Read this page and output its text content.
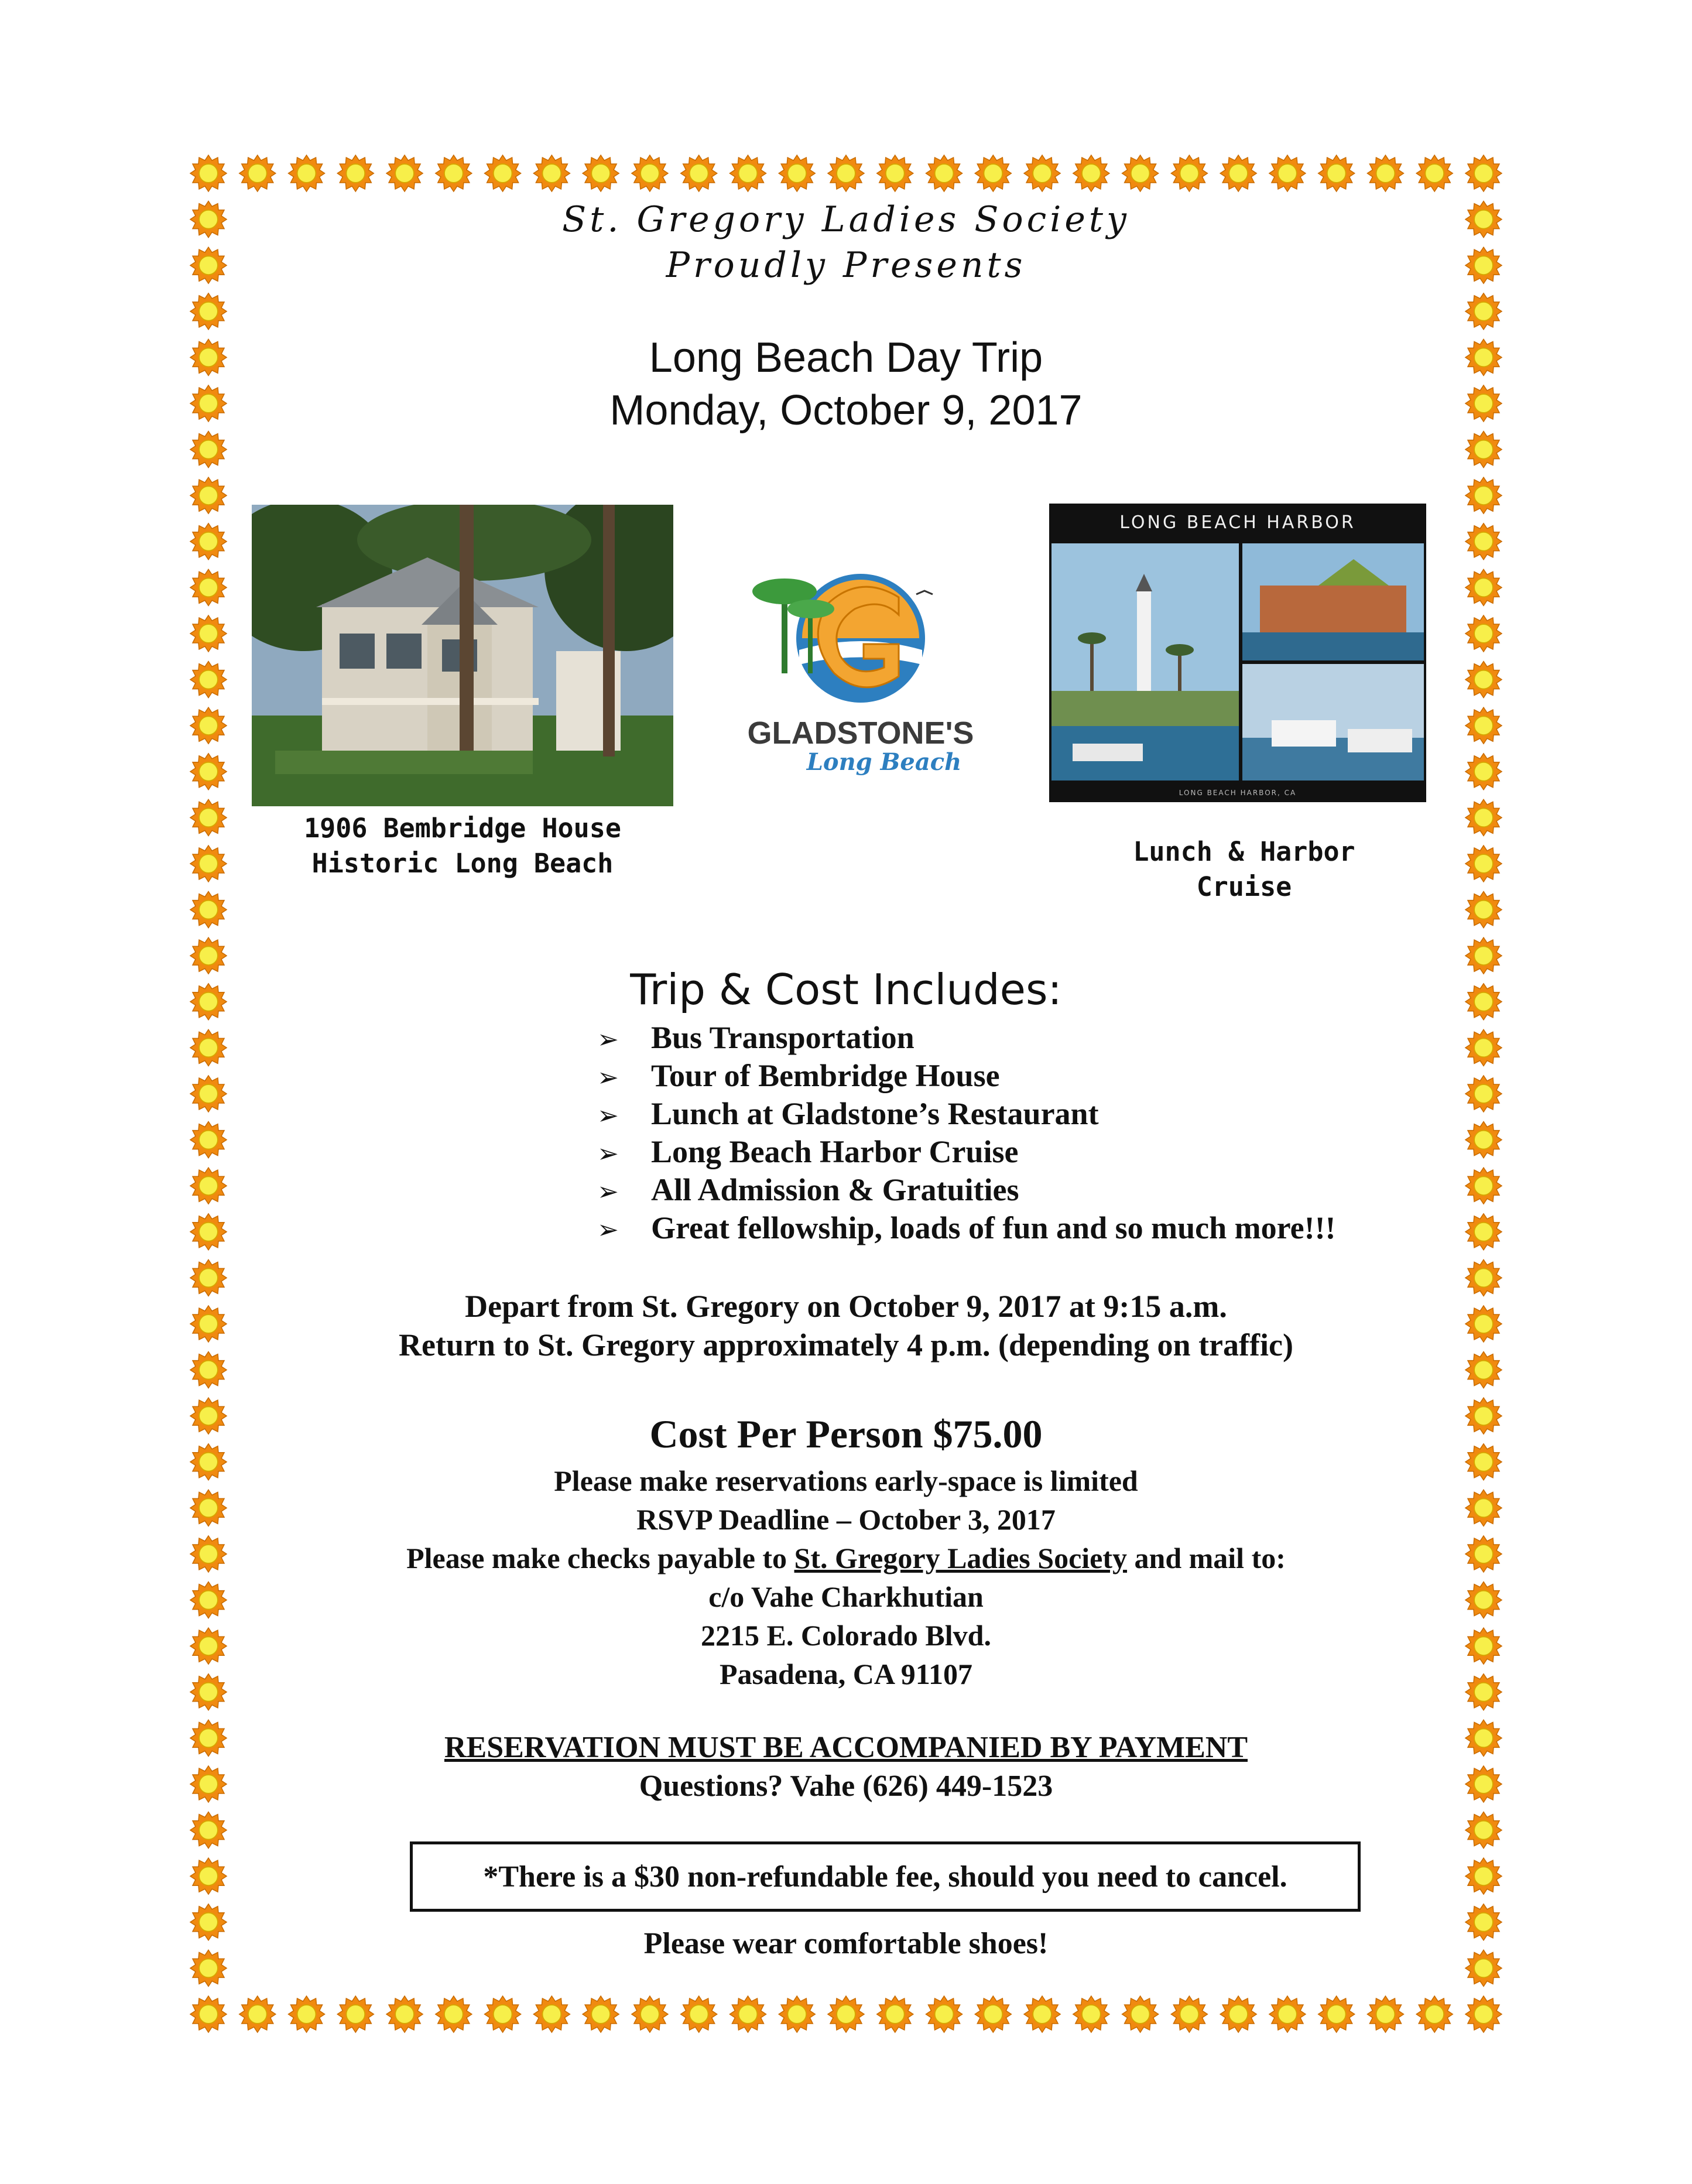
St. Gregory Ladies Society
Proudly Presents
Long Beach Day Trip
Monday, October 9, 2017
GLADSTONE'S
Long Beach
LONG BEACH HARBOR
LONG BEACH HARBOR, CA
1906 Bembridge House
Historic Long Beach	Lunch & Harbor
Cruise
Trip & Cost Includes:
➢ Bus Transportation
➢ Tour of Bembridge House
➢ Lunch at Gladstone’s Restaurant
➢ Long Beach Harbor Cruise
➢ All Admission & Gratuities
➢ Great fellowship, loads of fun and so much more!!!
Depart from St. Gregory on October 9, 2017 at 9:15 a.m.
Return to St. Gregory approximately 4 p.m. (depending on traffic)
Cost Per Person $75.00
Please make reservations early-space is limited
RSVP Deadline – October 3, 2017
Please make checks payable to St. Gregory Ladies Society and mail to:
c/o Vahe Charkhutian
2215 E. Colorado Blvd.
Pasadena, CA 91107
RESERVATION MUST BE ACCOMPANIED BY PAYMENT
Questions? Vahe (626) 449-1523
*There is a $30 non-refundable fee, should you need to cancel.
Please wear comfortable shoes!
